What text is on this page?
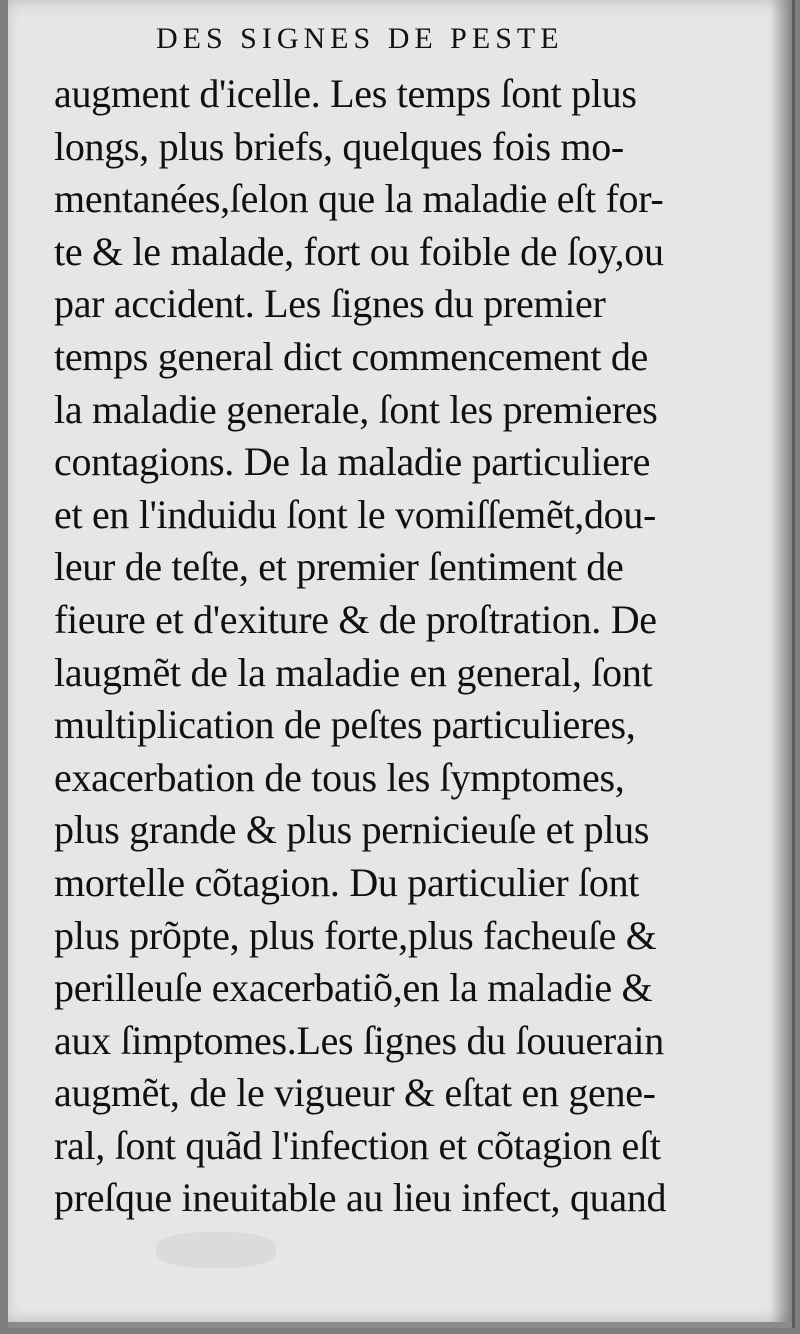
DES SIGNES DE PESTE
augment d'icelle. Les temps ſont plus
longs, plus briefs, quelques fois mo-
mentanées,ſelon que la maladie eſt for-
te & le malade, fort ou foible de ſoy,ou
par accident. Les ſignes du premier
temps general dict commencement de
la maladie generale, ſont les premieres
contagions. De la maladie particuliere
et en l'induidu ſont le vomiſſemẽt,dou-
leur de teſte, et premier ſentiment de
fieure et d'exiture & de proſtration. De
laugmẽt de la maladie en general, ſont
multiplication de peſtes particulieres,
exacerbation de tous les ſymptomes,
plus grande & plus pernicieuſe et plus
mortelle cõtagion. Du particulier ſont
plus prõpte, plus forte,plus facheuſe &
perilleuſe exacerbatiõ,en la maladie &
aux ſimptomes.Les ſignes du ſouuerain
augmẽt, de le vigueur & eſtat en gene-
ral, ſont quãd l'infection et cõtagion eſt
preſque ineuitable au lieu infect, quand
